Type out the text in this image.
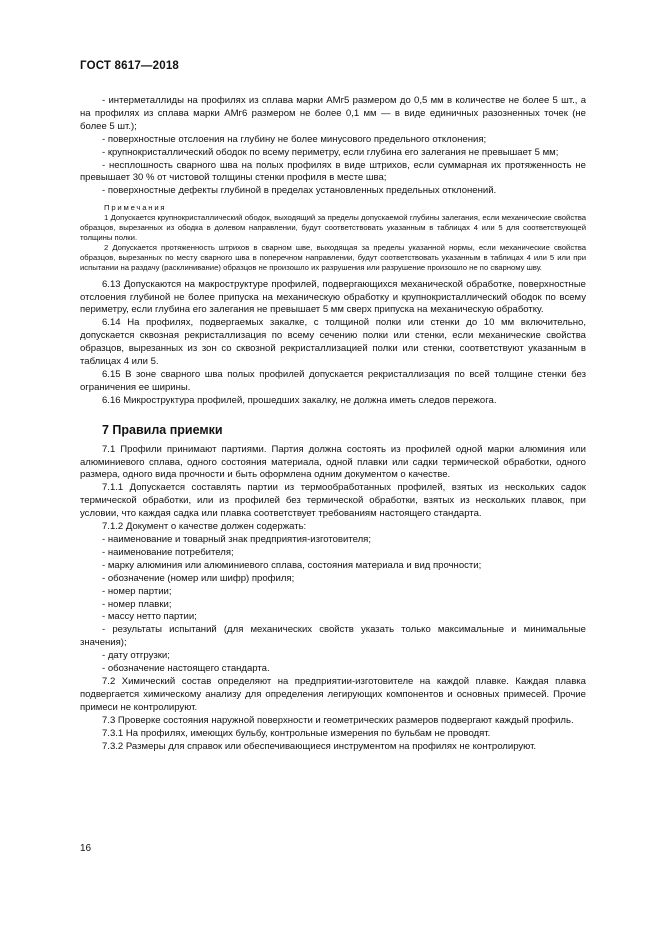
ГОСТ 8617—2018

- интерметаллиды на профилях из сплава марки АМг5 размером до 0,5 мм в количестве не более 5 шт., а на профилях из сплава марки АМг6 размером не более 0,1 мм — в виде единичных разозненных точек (не более 5 шт.);

- поверхностные отслоения на глубину не более минусового предельного отклонения;

- крупнокристаллический ободок по всему периметру, если глубина его залегания не превышает 5 мм;

- несплошность сварного шва на полых профилях в виде штрихов, если суммарная их протяженность не превышает 30 % от чистовой толщины стенки профиля в месте шва;

- поверхностные дефекты глубиной в пределах установленных предельных отклонений.

Примечания

1 Допускается крупнокристаллический ободок, выходящий за пределы допускаемой глубины залегания, если механические свойства образцов, вырезанных из ободка в долевом направлении, будут соответствовать указанным в таблицах 4 или 5 для соответствующей толщины полки.

2 Допускается протяженность штрихов в сварном шве, выходящая за пределы указанной нормы, если механические свойства образцов, вырезанных по месту сварного шва в поперечном направлении, будут соответствовать указанным в таблицах 4 или 5 или при испытании на раздачу (расклинивание) образцов не произошло их разрушения или разрушение произошло не по сварному шву.

6.13 Допускаются на макроструктуре профилей, подвергающихся механической обработке, поверхностные отслоения глубиной не более припуска на механическую обработку и крупнокристаллический ободок по всему периметру, если глубина его залегания не превышает 5 мм сверх припуска на механическую обработку.

6.14 На профилях, подвергаемых закалке, с толщиной полки или стенки до 10 мм включительно, допускается сквозная рекристаллизация по всему сечению полки или стенки, если механические свойства образцов, вырезанных из зон со сквозной рекристаллизацией полки или стенки, соответствуют указанным в таблицах 4 или 5.

6.15 В зоне сварного шва полых профилей допускается рекристаллизация по всей толщине стенки без ограничения ее ширины.

6.16 Микроструктура профилей, прошедших закалку, не должна иметь следов пережога.

7 Правила приемки

7.1 Профили принимают партиями. Партия должна состоять из профилей одной марки алюминия или алюминиевого сплава, одного состояния материала, одной плавки или садки термической обработки, одного размера, одного вида прочности и быть оформлена одним документом о качестве.

7.1.1 Допускается составлять партии из термообработанных профилей, взятых из нескольких садок термической обработки, или из профилей без термической обработки, взятых из нескольких плавок, при условии, что каждая садка или плавка соответствует требованиям настоящего стандарта.

7.1.2 Документ о качестве должен содержать:

- наименование и товарный знак предприятия-изготовителя;

- наименование потребителя;

- марку алюминия или алюминиевого сплава, состояния материала и вид прочности;

- обозначение (номер или шифр) профиля;

- номер партии;

- номер плавки;

- массу нетто партии;

- результаты испытаний (для механических свойств указать только максимальные и минимальные значения);

- дату отгрузки;

- обозначение настоящего стандарта.

7.2 Химический состав определяют на предприятии-изготовителе на каждой плавке. Каждая плавка подвергается химическому анализу для определения легирующих компонентов и основных примесей. Прочие примеси не контролируют.

7.3 Проверке состояния наружной поверхности и геометрических размеров подвергают каждый профиль.

7.3.1 На профилях, имеющих бульбу, контрольные измерения по бульбам не проводят.

7.3.2 Размеры для справок или обеспечивающиеся инструментом на профилях не контролируют.

16
